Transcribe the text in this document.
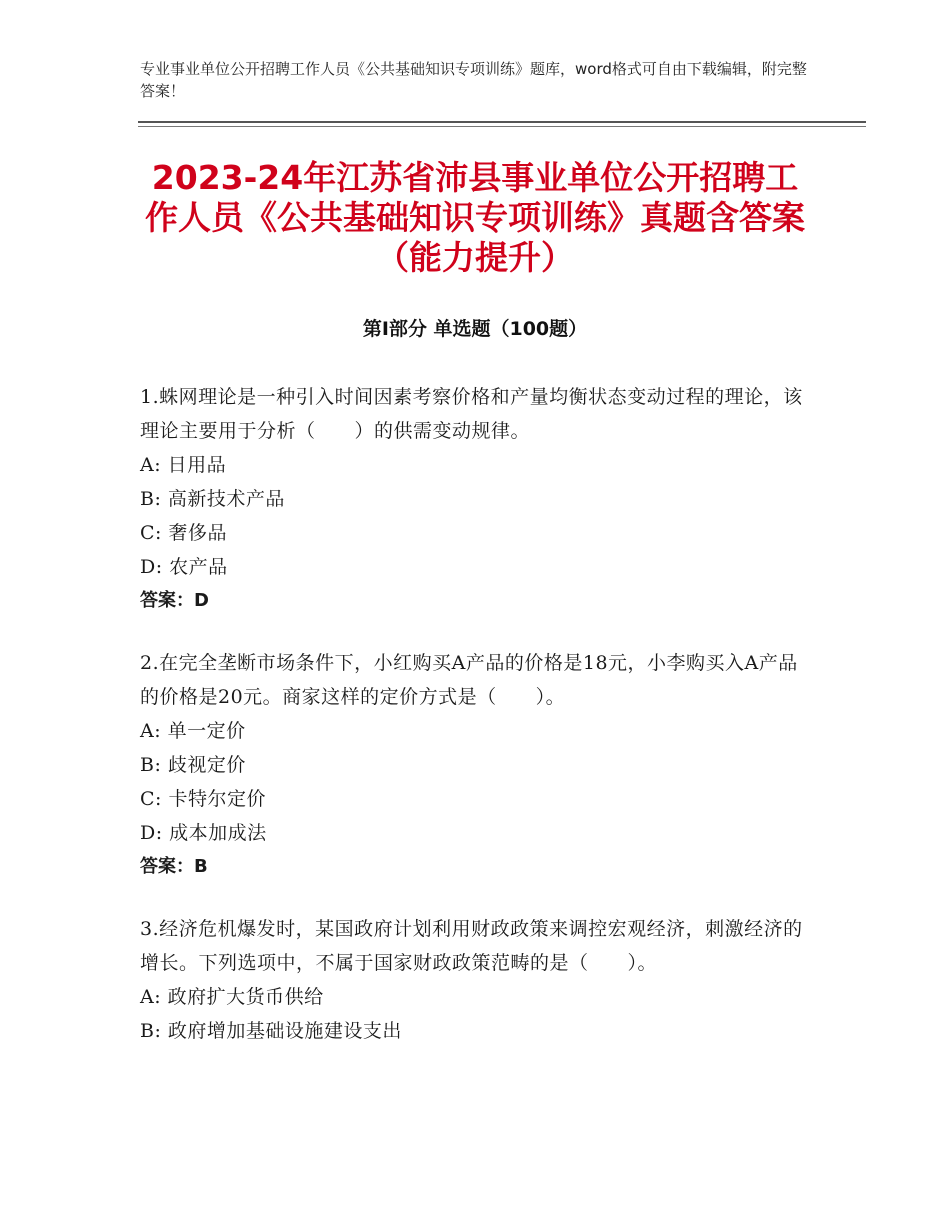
专业事业单位公开招聘工作人员《公共基础知识专项训练》题库，word格式可自由下载编辑，附完整答案！
2023-24年江苏省沛县事业单位公开招聘工作人员《公共基础知识专项训练》真题含答案（能力提升）
第Ⅰ部分 单选题（100题）

1.蛛网理论是一种引入时间因素考察价格和产量均衡状态变动过程的理论，该理论主要用于分析（　　）的供需变动规律。

A: 日用品

B: 高新技术产品

C: 奢侈品

D: 农产品

答案：D

2.在完全垄断市场条件下，小红购买A产品的价格是18元，小李购买入A产品的价格是20元。商家这样的定价方式是（　　）。

A: 单一定价

B: 歧视定价

C: 卡特尔定价

D: 成本加成法

答案：B

3.经济危机爆发时，某国政府计划利用财政政策来调控宏观经济，刺激经济的增长。下列选项中，不属于国家财政政策范畴的是（　　）。

A: 政府扩大货币供给

B: 政府增加基础设施建设支出
